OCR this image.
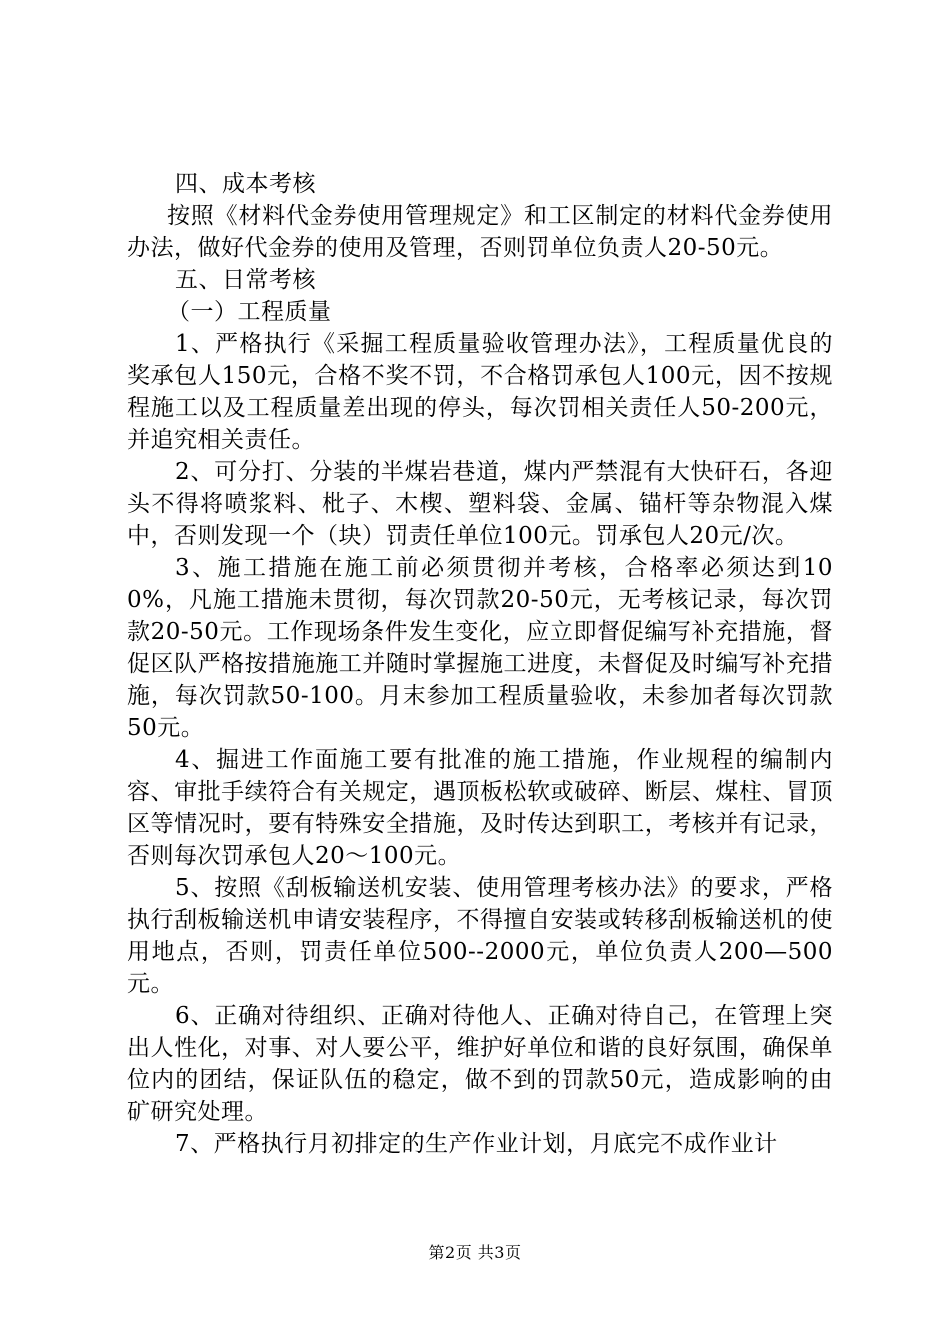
四、成本考核

按照《材料代金券使用管理规定》和工区制定的材料代金券使用办法，做好代金券的使用及管理，否则罚单位负责人20-50元。

五、日常考核

（一）工程质量

1、严格执行《采掘工程质量验收管理办法》，工程质量优良的奖承包人150元，合格不奖不罚，不合格罚承包人100元，因不按规程施工以及工程质量差出现的停头，每次罚相关责任人50-200元，并追究相关责任。

2、可分打、分装的半煤岩巷道，煤内严禁混有大快矸石，各迎头不得将喷浆料、枇子、木楔、塑料袋、金属、锚杆等杂物混入煤中，否则发现一个（块）罚责任单位100元。罚承包人20元/次。

3、施工措施在施工前必须贯彻并考核，合格率必须达到100%，凡施工措施未贯彻，每次罚款20-50元，无考核记录，每次罚款20-50元。工作现场条件发生变化，应立即督促编写补充措施，督促区队严格按措施施工并随时掌握施工进度，未督促及时编写补充措施，每次罚款50-100。月末参加工程质量验收，未参加者每次罚款50元。

4、掘进工作面施工要有批准的施工措施，作业规程的编制内容、审批手续符合有关规定，遇顶板松软或破碎、断层、煤柱、冒顶区等情况时，要有特殊安全措施，及时传达到职工，考核并有记录，否则每次罚承包人20～100元。

5、按照《刮板输送机安装、使用管理考核办法》的要求，严格执行刮板输送机申请安装程序，不得擅自安装或转移刮板输送机的使用地点，否则，罚责任单位500--2000元，单位负责人200—500元。

6、正确对待组织、正确对待他人、正确对待自己，在管理上突出人性化，对事、对人要公平，维护好单位和谐的良好氛围，确保单位内的团结，保证队伍的稳定，做不到的罚款50元，造成影响的由矿研究处理。

7、严格执行月初排定的生产作业计划，月底完不成作业计

第2页 共3页
